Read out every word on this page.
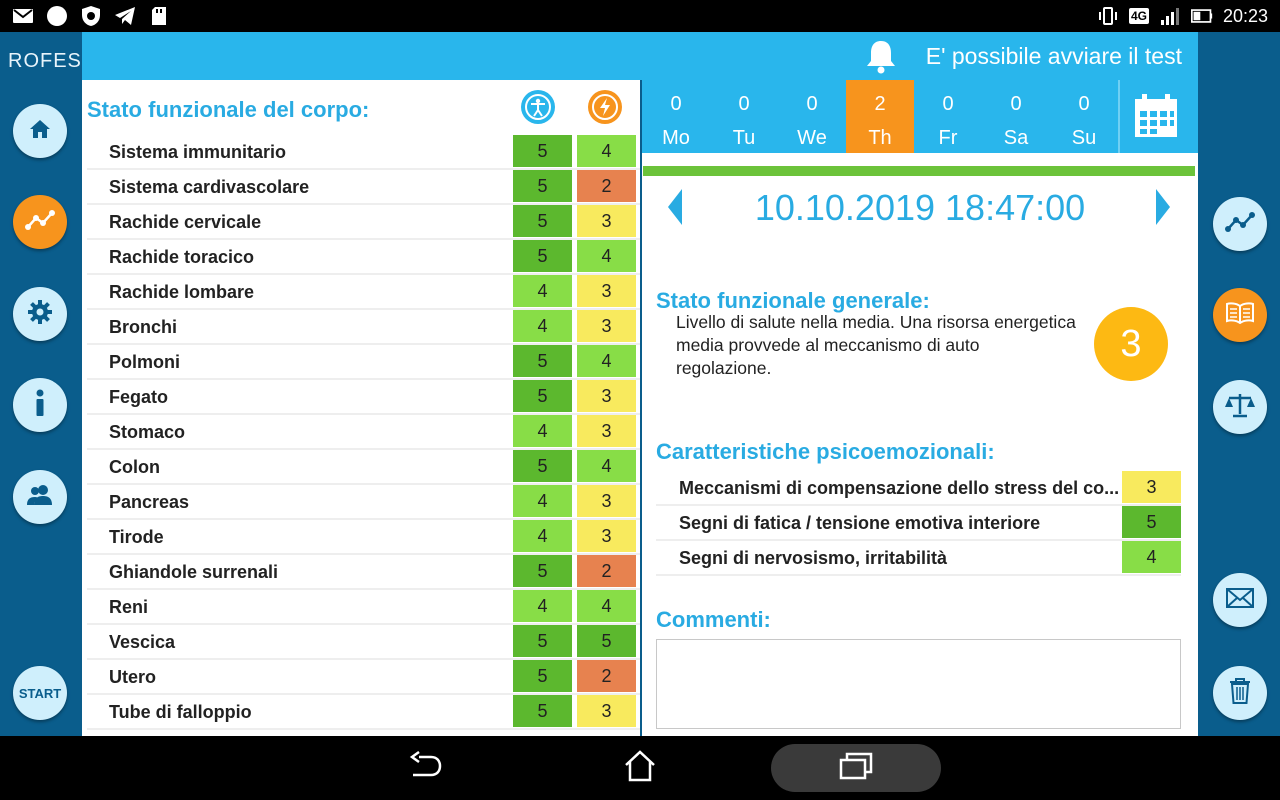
4G	20:23
ROFES
START
E' possibile avviare il test
Stato funzionale del corpo:
Sistema immunitario	5	4
Sistema cardivascolare	5	2
Rachide cervicale	5	3
Rachide toracico	5	4
Rachide lombare	4	3
Bronchi	4	3
Polmoni	5	4
Fegato	5	3
Stomaco	4	3
Colon	5	4
Pancreas	4	3
Tirode	4	3
Ghiandole surrenali	5	2
Reni	4	4
Vescica	5	5
Utero	5	2
Tube di falloppio	5	3
0
Mo
0
Tu
0
We
2
Th
0
Fr
0
Sa
0
Su
10.10.2019 18:47:00
Stato funzionale generale:
Livello di salute nella media. Una risorsa energetica media provvede al meccanismo di auto regolazione.
3
Caratteristiche psicoemozionali:
Meccanismi di compensazione dello stress del co...	3
Segni di fatica / tensione emotiva interiore	5
Segni di nervosismo, irritabilità	4
Commenti:
